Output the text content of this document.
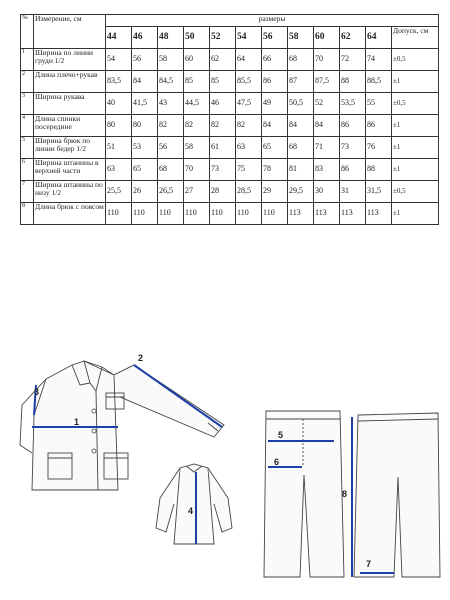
№	Измерение, см	размеры											
		44	46	48	50	52	54	56	58	60	62	64	Допуск, см
1	Ширина по линии груди 1/2	54	56	58	60	62	64	66	68	70	72	74	±0,5
2	Длина плечо+рукав	83,5	84	84,5	85	85	85,5	86	87	87,5	88	88,5	±1
3	Ширина рукава	40	41,5	43	44,5	46	47,5	49	50,5	52	53,5	55	±0,5
4	Длина спинки посередине	80	80	82	82	82	82	84	84	84	86	86	±1
5	Ширина брюк по линии бедер 1/2	51	53	56	58	61	63	65	68	71	73	76	±1
6	Ширина штанины в верхней части	63	65	68	70	73	75	78	81	83	86	88	±1
7	Ширина штанины по низу 1/2	25,5	26	26,5	27	28	28,5	29	29,5	30	31	31,5	±0,5
8	Длина брюк с поясом	110	110	110	110	110	110	110	113	113	113	113	±1
1
2
3
4
5
6
7
8
